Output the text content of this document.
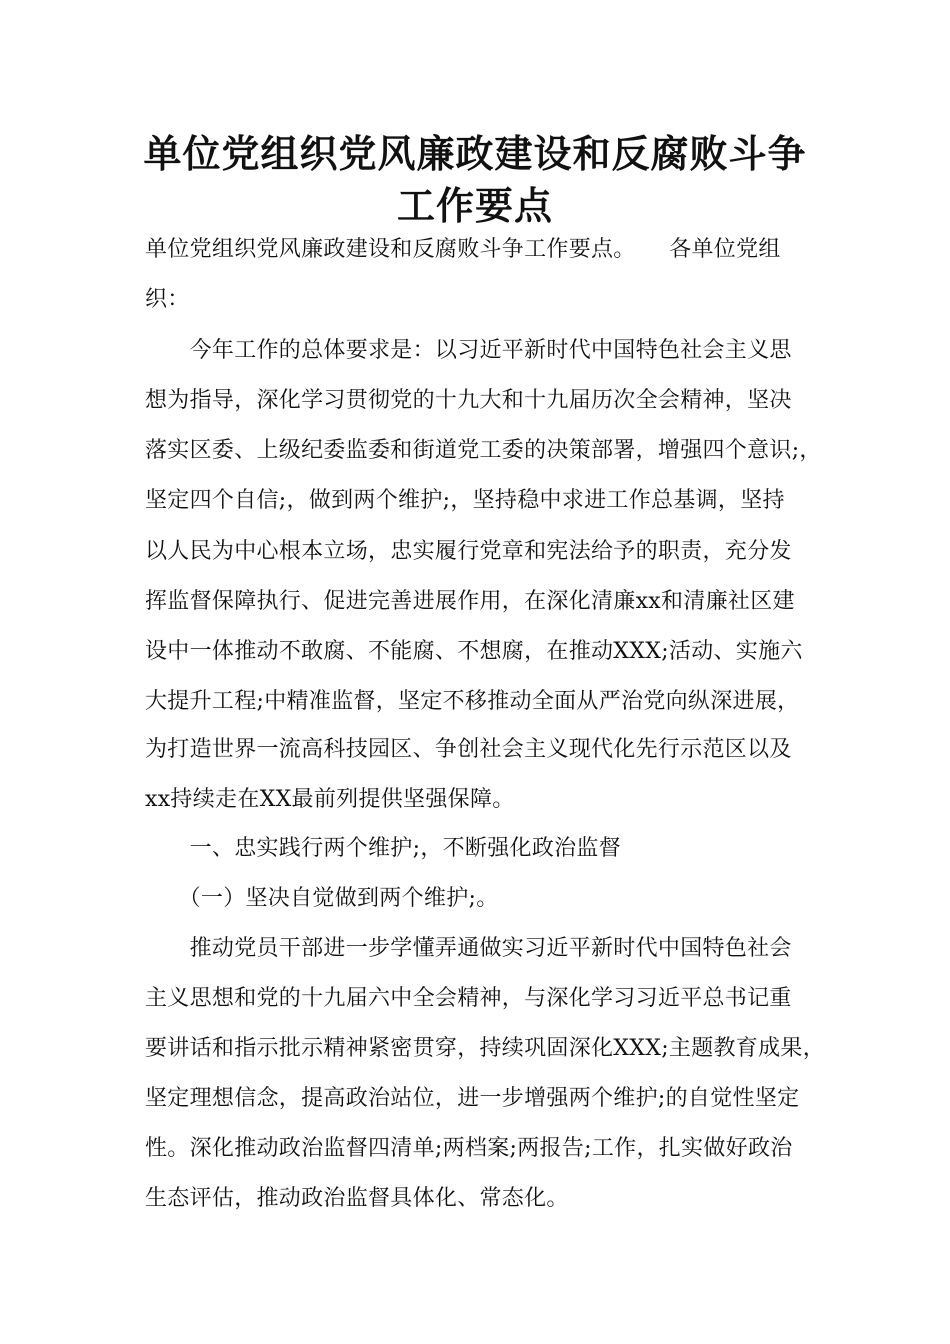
单位党组织党风廉政建设和反腐败斗争
工作要点
单位党组织党风廉政建设和反腐败斗争工作要点。　　各单位党组
织：
　　今年工作的总体要求是：以习近平新时代中国特色社会主义思
想为指导，深化学习贯彻党的十九大和十九届历次全会精神，坚决
落实区委、上级纪委监委和街道党工委的决策部署，增强四个意识;，
坚定四个自信;，做到两个维护;，坚持稳中求进工作总基调，坚持
以人民为中心根本立场，忠实履行党章和宪法给予的职责，充分发
挥监督保障执行、促进完善进展作用，在深化清廉xx和清廉社区建
设中一体推动不敢腐、不能腐、不想腐，在推动XXX;活动、实施六
大提升工程;中精准监督，坚定不移推动全面从严治党向纵深进展，
为打造世界一流高科技园区、争创社会主义现代化先行示范区以及
xx持续走在XX最前列提供坚强保障。
　　一、忠实践行两个维护;，不断强化政治监督
　　（一）坚决自觉做到两个维护;。
　　推动党员干部进一步学懂弄通做实习近平新时代中国特色社会
主义思想和党的十九届六中全会精神，与深化学习习近平总书记重
要讲话和指示批示精神紧密贯穿，持续巩固深化XXX;主题教育成果，
坚定理想信念，提高政治站位，进一步增强两个维护;的自觉性坚定
性。深化推动政治监督四清单;两档案;两报告;工作，扎实做好政治
生态评估，推动政治监督具体化、常态化。
